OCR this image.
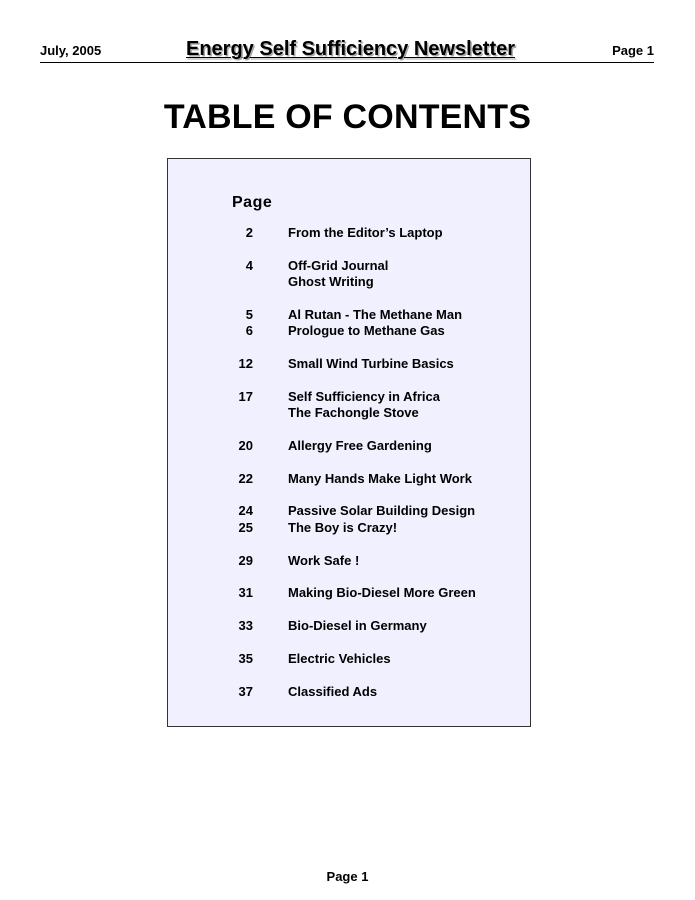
July, 2005	Energy Self Sufficiency Newsletter	Page 1
TABLE OF CONTENTS
Page
2	From the Editor’s Laptop
4	Off-Grid Journal
Ghost Writing
5	Al Rutan - The Methane Man
6	Prologue to Methane Gas
12	Small Wind Turbine Basics
17	Self Sufficiency in Africa
The Fachongle Stove
20	Allergy Free Gardening
22	Many Hands Make Light Work
24	Passive Solar Building Design
25	The Boy is Crazy!
29	Work Safe !
31	Making Bio-Diesel More Green
33	Bio-Diesel in Germany
35	Electric Vehicles
37	Classified Ads
Page 1
